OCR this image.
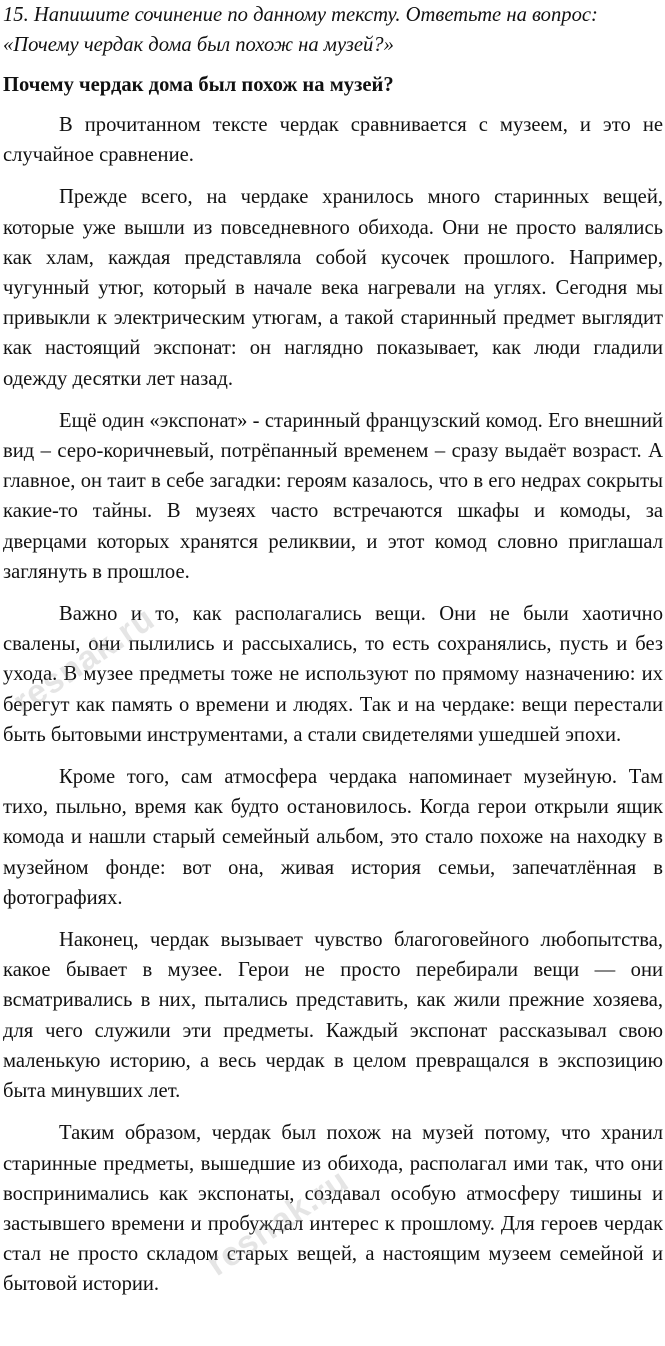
15. Напишите сочинение по данному тексту. Ответьте на вопрос:
«Почему чердак дома был похож на музей?»

Почему чердак дома был похож на музей?

В прочитанном тексте чердак сравнивается с музеем, и это не случайное сравнение.

Прежде всего, на чердаке хранилось много старинных вещей, которые уже вышли из повседневного обихода. Они не просто валялись как хлам, каждая представляла собой кусочек прошлого. Например, чугунный утюг, который в начале века нагревали на углях. Сегодня мы привыкли к электрическим утюгам, а такой старинный предмет выглядит как настоящий экспонат: он наглядно показывает, как люди гладили одежду десятки лет назад.

Ещё один «экспонат» - старинный французский комод. Его внешний вид – серо-коричневый, потрёпанный временем – сразу выдаёт возраст. А главное, он таит в себе загадки: героям казалось, что в его недрах сокрыты какие-то тайны. В музеях часто встречаются шкафы и комоды, за дверцами которых хранятся реликвии, и этот комод словно приглашал заглянуть в прошлое.

Важно и то, как располагались вещи. Они не были хаотично свалены, они пылились и рассыхались, то есть сохранялись, пусть и без ухода. В музее предметы тоже не используют по прямому назначению: их берегут как память о времени и людях. Так и на чердаке: вещи перестали быть бытовыми инструментами, а стали свидетелями ушедшей эпохи.

Кроме того, сам атмосфера чердака напоминает музейную. Там тихо, пыльно, время как будто остановилось. Когда герои открыли ящик комода и нашли старый семейный альбом, это стало похоже на находку в музейном фонде: вот она, живая история семьи, запечатлённая в фотографиях.

Наконец, чердак вызывает чувство благоговейного любопытства, какое бывает в музее. Герои не просто перебирали вещи — они всматривались в них, пытались представить, как жили прежние хозяева, для чего служили эти предметы. Каждый экспонат рассказывал свою маленькую историю, а весь чердак в целом превращался в экспозицию быта минувших лет.

Таким образом, чердак был похож на музей потому, что хранил старинные предметы, вышедшие из обихода, располагал ими так, что они воспринимались как экспонаты, создавал особую атмосферу тишины и застывшего времени и пробуждал интерес к прошлому. Для героев чердак стал не просто складом старых вещей, а настоящим музеем семейной и бытовой истории.

resnak.ru
resnak.ru
